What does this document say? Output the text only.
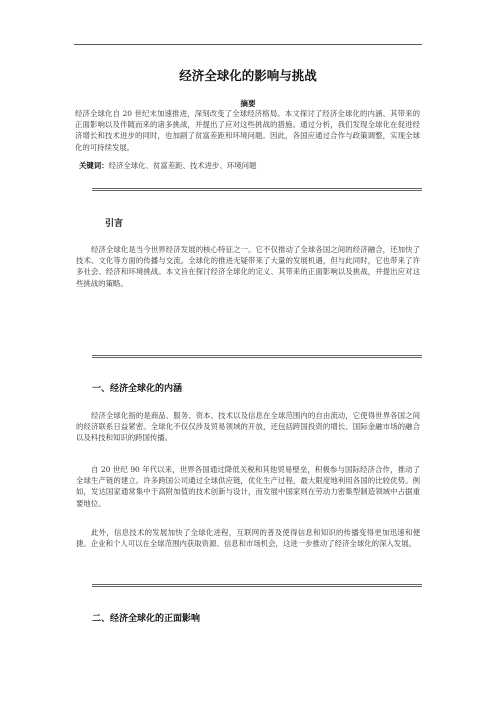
经济全球化的影响与挑战
摘要

经济全球化自 20 世纪末加速推进，深刻改变了全球经济格局。本文探讨了经济全球化的内涵、其带来的正面影响以及伴随而来的诸多挑战，并提出了应对这些挑战的措施。通过分析，我们发现全球化在促进经济增长和技术进步的同时，也加剧了贫富差距和环境问题。因此，各国应通过合作与政策调整，实现全球化的可持续发展。

关键词：经济全球化、贫富差距、技术进步、环境问题
引言

经济全球化是当今世界经济发展的核心特征之一。它不仅推动了全球各国之间的经济融合，还加快了技术、文化等方面的传播与交流。全球化的推进无疑带来了大量的发展机遇，但与此同时，它也带来了许多社会、经济和环境挑战。本文旨在探讨经济全球化的定义、其带来的正面影响以及挑战，并提出应对这些挑战的策略。

一、经济全球化的内涵

经济全球化指的是商品、服务、资本、技术以及信息在全球范围内的自由流动，它使得世界各国之间的经济联系日益紧密。全球化不仅仅涉及贸易领域的开放，还包括跨国投资的增长、国际金融市场的融合以及科技和知识的跨国传播。

自 20 世纪 90 年代以来，世界各国通过降低关税和其他贸易壁垒，积极参与国际经济合作，推动了全球生产链的建立。许多跨国公司通过全球供应链，优化生产过程，最大限度地利用各国的比较优势。例如，发达国家通常集中于高附加值的技术创新与设计，而发展中国家则在劳动力密集型制造领域中占据重要地位。

此外，信息技术的发展加快了全球化进程，互联网的普及使得信息和知识的传播变得更加迅速和便捷。企业和个人可以在全球范围内获取资源、信息和市场机会，这进一步推动了经济全球化的深入发展。

二、经济全球化的正面影响
